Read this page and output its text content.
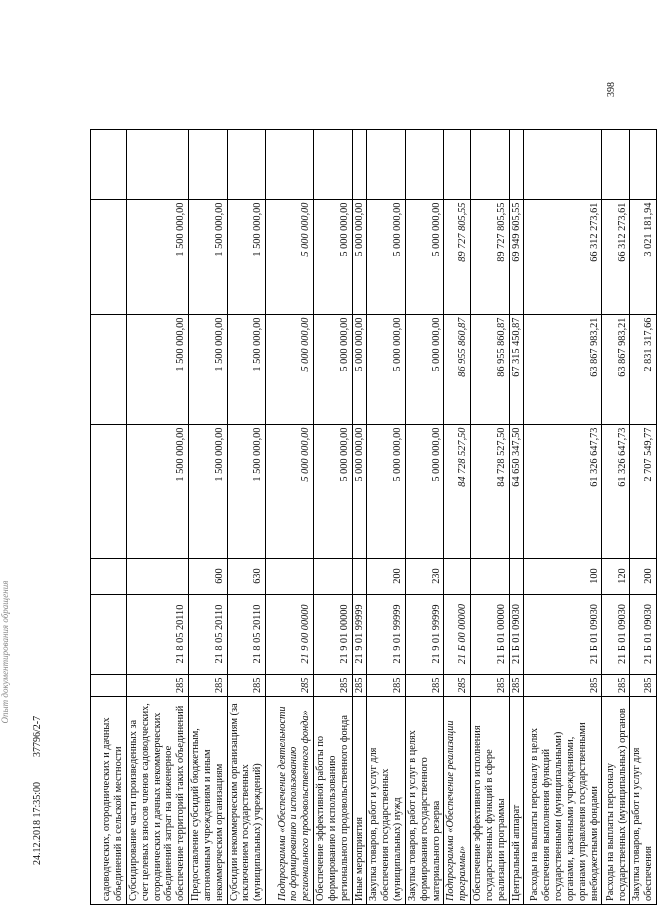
398
садоводческих, огороднических и дачных объединений в сельской местности							
Субсидирование части произведенных за счет целевых взносов членов садоводческих, огороднических и дачных некоммерческих объединений затрат на инженерное обеспечение территорий таких объединений	285	21 8 05 20110		1 500 000,00	1 500 000,00	1 500 000,00	
Предоставление субсидий бюджетным, автономным учреждениям и иным некоммерческим организациям	285	21 8 05 20110	600	1 500 000,00	1 500 000,00	1 500 000,00	
Субсидии некоммерческим организациям (за исключением государственных (муниципальных) учреждений)	285	21 8 05 20110	630	1 500 000,00	1 500 000,00	1 500 000,00	
Подпрограмма «Обеспечение деятельности по формированию и использованию регионального продовольственного фонда»	285	21 9 00 00000		5 000 000,00	5 000 000,00	5 000 000,00	
Обеспечение эффективной работы по формированию и использованию регионального продовольственного фонда	285	21 9 01 00000		5 000 000,00	5 000 000,00	5 000 000,00	
Иные мероприятия	285	21 9 01 99999		5 000 000,00	5 000 000,00	5 000 000,00	
Закупка товаров, работ и услуг для обеспечения государственных (муниципальных) нужд	285	21 9 01 99999	200	5 000 000,00	5 000 000,00	5 000 000,00	
Закупка товаров, работ и услуг в целях формирования государственного материального резерва	285	21 9 01 99999	230	5 000 000,00	5 000 000,00	5 000 000,00	
Подпрограмма «Обеспечение реализации программы»	285	21 Б 00 00000		84 728 527,50	86 955 860,87	89 727 805,55	
Обеспечение эффективного исполнения государственных функций в сфере реализации программы	285	21 Б 01 00000		84 728 527,50	86 955 860,87	89 727 805,55	
Центральный аппарат	285	21 Б 01 09030		64 650 347,50	67 315 450,87	69 949 605,55	
Расходы на выплаты персоналу в целях обеспечения выполнения функций государственными (муниципальными) органами, казенными учреждениями, органами управления государственными внебюджетными фондами	285	21 Б 01 09030	100	61 326 647,73	63 867 983,21	66 312 273,61	
Расходы на выплаты персоналу государственных (муниципальных) органов	285	21 Б 01 09030	120	61 326 647,73	63 867 983,21	66 312 273,61	
Закупка товаров, работ и услуг для обеспечения	285	21 Б 01 09030	200	2 707 549,77	2 831 317,66	3 021 181,94	
24.12.2018 17:35:00
37796/2-7
Опыт документирования обращения
